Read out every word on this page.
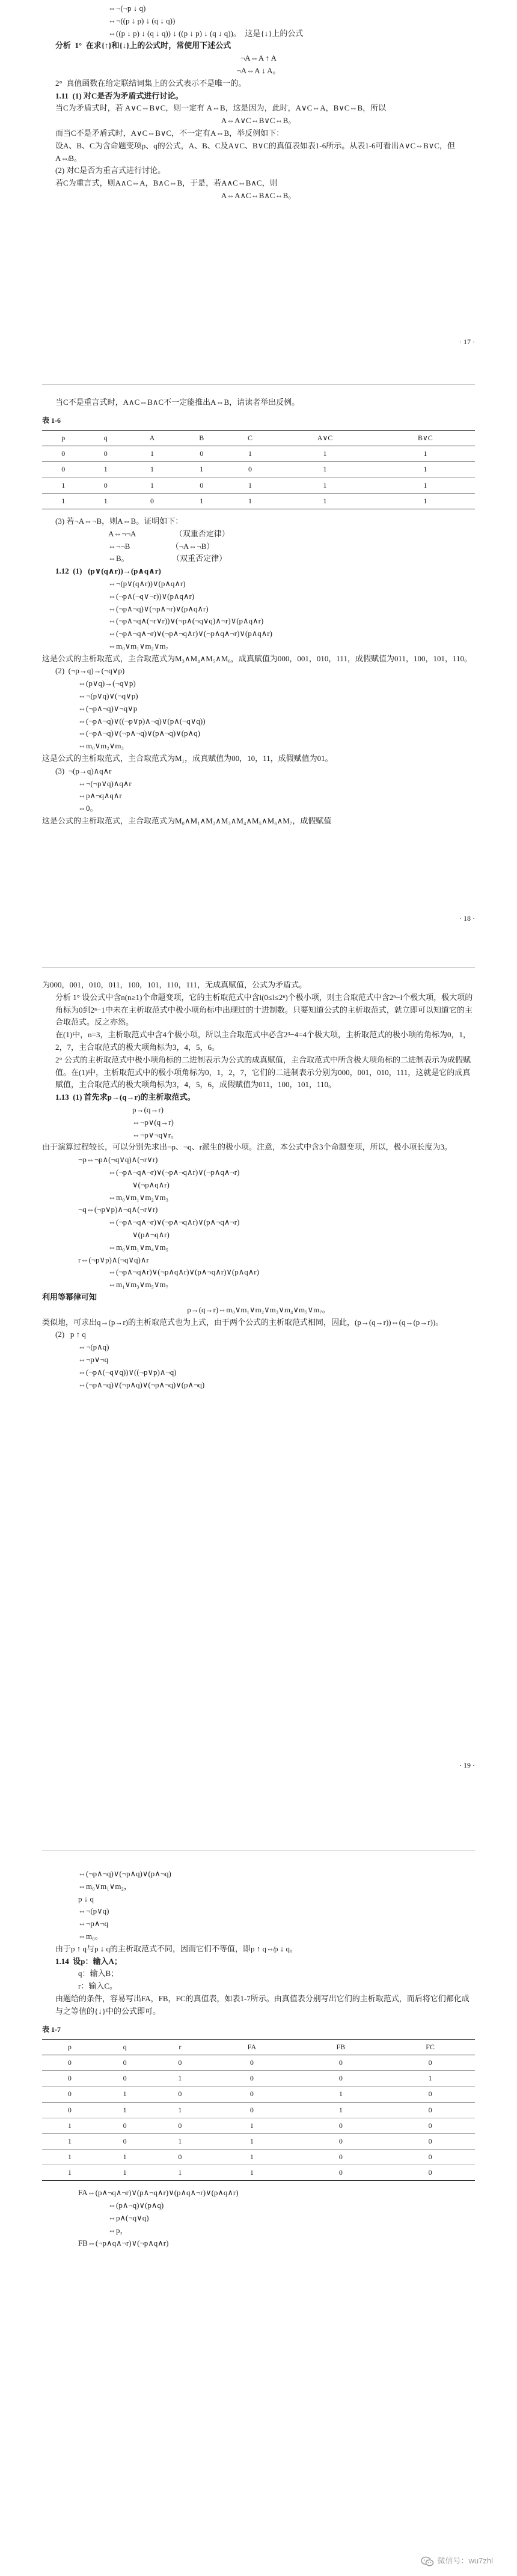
⇔¬(¬p ↓ q)
⇔¬((p ↓ p) ↓ (q ↓ q))
⇔((p ↓ p) ↓ (q ↓ q)) ↓ ((p ↓ p) ↓ (q ↓ q))。  这是{↓}上的公式
分析  1°  在求{↑}和{↓}上的公式时，常使用下述公式
¬A⇔A ↑ A
¬A⇔A ↓ A。
2°  真值函数在给定联结词集上的公式表示不是唯一的。
1.11  (1) 对C是否为矛盾式进行讨论。
当C为矛盾式时，若 A∨C⇔B∨C，则一定有 A⇔B，这是因为，此时，A∨C⇔A，B∨C⇔B，所以
A⇔A∨C⇔B∨C⇔B。
而当C不是矛盾式时，A∨C⇔B∨C，不一定有A⇔B，举反例如下：
设A、B、C为含命题变项p、q的公式，A、B、C及A∨C、B∨C的真值表如表1-6所示。从表1-6可看出A∨C⇔B∨C，但A⇎B。
(2) 对C是否为重言式进行讨论。
若C为重言式，则A∧C⇔A，B∧C⇔B，于是，若A∧C⇔B∧C，则
A⇔A∧C⇔B∧C⇔B。
· 17 ·
当C不是重言式时，A∧C⇔B∧C不一定能推出A⇔B，请读者举出反例。
表 1-6
p	q	A	B	C	A∨C	B∨C
0	0	1	0	1	1	1
0	1	1	1	0	1	1
1	0	1	0	1	1	1
1	1	0	1	1	1	1
(3) 若¬A⇔¬B，则A⇔B。证明如下：
A⇔¬¬A                    （双重否定律）
⇔¬¬B                     （¬A⇔¬B）
⇔B。                      （双重否定律）
1.12  (1)   (p∨(q∧r))→(p∧q∧r)
⇔¬(p∨(q∧r))∨(p∧q∧r)
⇔(¬p∧(¬q∨¬r))∨(p∧q∧r)
⇔(¬p∧¬q)∨(¬p∧¬r)∨(p∧q∧r)
⇔(¬p∧¬q∧(¬r∨r))∨(¬p∧(¬q∨q)∧¬r)∨(p∧q∧r)
⇔(¬p∧¬q∧¬r)∨(¬p∧¬q∧r)∨(¬p∧q∧¬r)∨(p∧q∧r)
⇔m₀∨m₁∨m₂∨m₇
这是公式的主析取范式，主合取范式为M₃∧M₄∧M₅∧M₆，成真赋值为000，001，010，111，成假赋值为011，100，101，110。
(2)  (¬p→q)→(¬q∨p)
⇔(p∨q)→(¬q∨p)
⇔¬(p∨q)∨(¬q∨p)
⇔(¬p∧¬q)∨¬q∨p
⇔(¬p∧¬q)∨((¬p∨p)∧¬q)∨(p∧(¬q∨q))
⇔(¬p∧¬q)∨(¬p∧¬q)∨(p∧¬q)∨(p∧q)
⇔m₀∨m₂∨m₃
这是公式的主析取范式，主合取范式为M₁，成真赋值为00，10，11，成假赋值为01。
(3)  ¬(p→q)∧q∧r
⇔¬(¬p∨q)∧q∧r
⇔p∧¬q∧q∧r
⇔0。
这是公式的主析取范式，主合取范式为M₀∧M₁∧M₂∧M₃∧M₄∧M₅∧M₆∧M₇，成假赋值
· 18 ·
为000，001，010，011，100，101，110，111，无成真赋值，公式为矛盾式。
分析 1° 设公式中含n(n≥1)个命题变项，它的主析取范式中含l(0≤l≤2ⁿ)个极小项，则主合取范式中含2ⁿ−l个极大项，极大项的角标为0到2ⁿ−1中未在主析取范式中极小项角标中出现过的十进制数。只要知道公式的主析取范式，就立即可以知道它的主合取范式。反之亦然。
在(1)中，n=3，主析取范式中含4个极小项，所以主合取范式中必含2³−4=4个极大项，主析取范式的极小项的角标为0，1，2，7，主合取范式的极大项角标为3，4，5，6。
2° 公式的主析取范式中极小项角标的二进制表示为公式的成真赋值，主合取范式中所含极大项角标的二进制表示为成假赋值。在(1)中，主析取范式中的极小项角标为0，1，2，7，它们的二进制表示分别为000，001，010，111，这就是它的成真赋值，主合取范式的极大项角标为3，4，5，6，成假赋值为011，100，101，110。
1.13  (1) 首先求p→(q→r)的主析取范式。
p→(q→r)
⇔¬p∨(q→r)
⇔¬p∨¬q∨r。
由于演算过程较长，可以分别先求出¬p、¬q、r派生的极小项。注意，本公式中含3个命题变项，所以，极小项长度为3。
¬p⇔¬p∧(¬q∨q)∧(¬r∨r)
⇔(¬p∧¬q∧¬r)∨(¬p∧¬q∧r)∨(¬p∧q∧¬r)
∨(¬p∧q∧r)
⇔m₀∨m₁∨m₂∨m₃
¬q⇔(¬p∨p)∧¬q∧(¬r∨r)
⇔(¬p∧¬q∧¬r)∨(¬p∧¬q∧r)∨(p∧¬q∧¬r)
∨(p∧¬q∧r)
⇔m₀∨m₁∨m₄∨m₅
r⇔(¬p∨p)∧(¬q∨q)∧r
⇔(¬p∧¬q∧r)∨(¬p∧q∧r)∨(p∧¬q∧r)∨(p∧q∧r)
⇔m₁∨m₃∨m₅∨m₇
利用等幂律可知
p→(q→r)⇔m₀∨m₁∨m₂∨m₃∨m₄∨m₅∨m₇。
类似地，可求出q→(p→r)的主析取范式也为上式，由于两个公式的主析取范式相同，因此，(p→(q→r))⇔(q→(p→r))。
(2)   p ↑ q
⇔¬(p∧q)
⇔¬p∨¬q
⇔(¬p∧(¬q∨q))∨((¬p∨p)∧¬q)
⇔(¬p∧¬q)∨(¬p∧q)∨(¬p∧¬q)∨(p∧¬q)
· 19 ·
⇔(¬p∧¬q)∨(¬p∧q)∨(p∧¬q)
⇔m₀∨m₁∨m₂，
p ↓ q
⇔¬(p∨q)
⇔¬p∧¬q
⇔m₀。
由于p ↑ q与p ↓ q的主析取范式不同，因而它们不等值，即p ↑ q⇎p ↓ q。
1.14  设p：输入A；
q：输入B；
r：输入C。
由题给的条件，容易写出FA，FB，FC的真值表，如表1-7所示。由真值表分别写出它们的主析取范式，而后将它们都化成与之等值的{↓}中的公式即可。
表 1-7
p	q	r	FA	FB	FC
0	0	0	0	0	0
0	0	1	0	0	1
0	1	0	0	1	0
0	1	1	0	1	0
1	0	0	1	0	0
1	0	1	1	0	0
1	1	0	1	0	0
1	1	1	1	0	0
FA⇔(p∧¬q∧¬r)∨(p∧¬q∧r)∨(p∧q∧¬r)∨(p∧q∧r)
⇔(p∧¬q)∨(p∧q)
⇔p∧(¬q∨q)
⇔p，
FB⇔(¬p∧q∧¬r)∨(¬p∧q∧r)
微信号：wu7zhl
